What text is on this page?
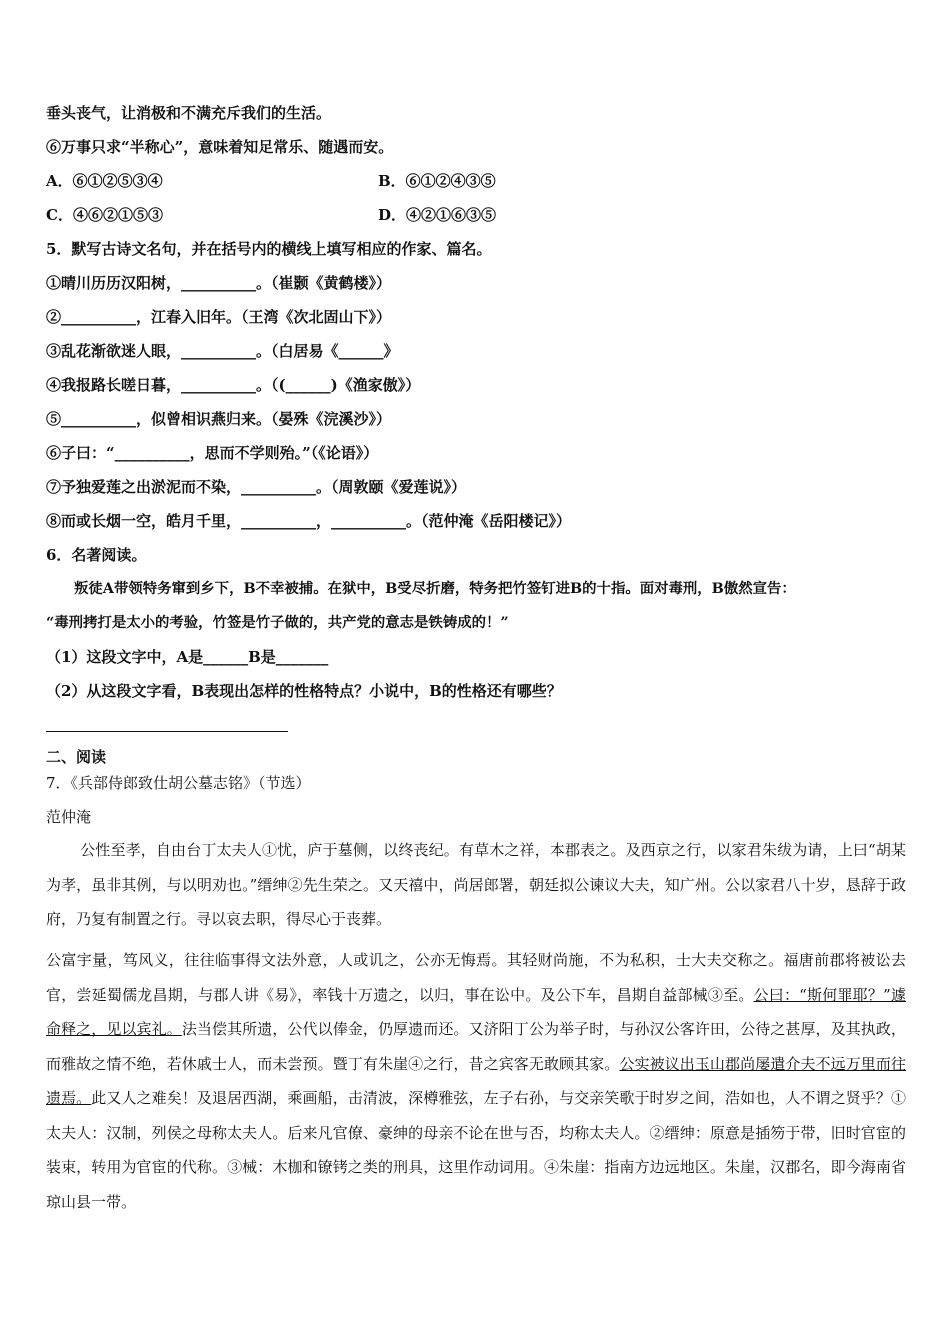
垂头丧气，让消极和不满充斥我们的生活。
⑥万事只求“半称心”，意味着知足常乐、随遇而安。
A．⑥①②⑤③④	B．⑥①②④③⑤
C．④⑥②①⑤③	D．④②①⑥③⑤
5．默写古诗文名句，并在括号内的横线上填写相应的作家、篇名。
①晴川历历汉阳树，__________。（崔颢《黄鹤楼》）
②__________，江春入旧年。（王湾《次北固山下》）
③乱花渐欲迷人眼，__________。（白居易《______》
④我报路长嗟日暮，__________。（(______)《渔家傲》）
⑤__________，似曾相识燕归来。（晏殊《浣溪沙》）
⑥子曰：“__________，思而不学则殆。”（《论语》）
⑦予独爱莲之出淤泥而不染，__________。（周敦颐《爱莲说》）
⑧而或长烟一空，皓月千里，__________，__________。（范仲淹《岳阳楼记》）
6．名著阅读。
叛徒A带领特务窜到乡下，B不幸被捕。在狱中，B受尽折磨，特务把竹签钉进B的十指。面对毒刑，B傲然宣告：
“毒刑拷打是太小的考验，竹签是竹子做的，共产党的意志是铁铸成的！”
（1）这段文字中，A是______B是_______
（2）从这段文字看，B表现出怎样的性格特点？小说中，B的性格还有哪些？
二、阅读
7．《兵部侍郎致仕胡公墓志铭》（节选）
范仲淹
公性至孝，自由台丁太夫人①忧，庐于墓侧，以终丧纪。有草木之祥，本郡表之。及西京之行，以家君朱绂为请，上曰“胡某为孝，虽非其例，与以明劝也。”缙绅②先生荣之。又天禧中，尚居郎署，朝廷拟公谏议大夫，知广州。公以家君八十岁，恳辞于政府，乃复有制置之行。寻以哀去职，得尽心于丧葬。
公富宇量，笃风义，往往临事得文法外意，人或讥之，公亦无悔焉。其轻财尚施，不为私积，士大夫交称之。福唐前郡将被讼去官，尝延蜀儒龙昌期，与郡人讲《易》，率钱十万遗之，以归，事在讼中。及公下车，昌期自益部械③至。公曰：“斯何罪耶？”遽命释之，见以宾礼。法当偿其所遗，公代以俸金，仍厚遗而还。又济阳丁公为举子时，与孙汉公客许田，公待之甚厚，及其执政，而雅故之情不绝，若休戚士人，而未尝预。暨丁有朱崖④之行，昔之宾客无敢顾其家。公实被议出玉山郡尚屡遣介夫不远万里而往遗焉。此又人之难矣！及退居西湖，乘画船，击清波，深樽雅弦，左子右孙，与交亲笑歌于时岁之间，浩如也，人不谓之贤乎？①太夫人：汉制，列侯之母称太夫人。后来凡官僚、豪绅的母亲不论在世与否，均称太夫人。②缙绅：原意是插笏于带，旧时官宦的装束，转用为官宦的代称。③械：木枷和镣铐之类的刑具，这里作动词用。④朱崖：指南方边远地区。朱崖，汉郡名，即今海南省琼山县一带。
